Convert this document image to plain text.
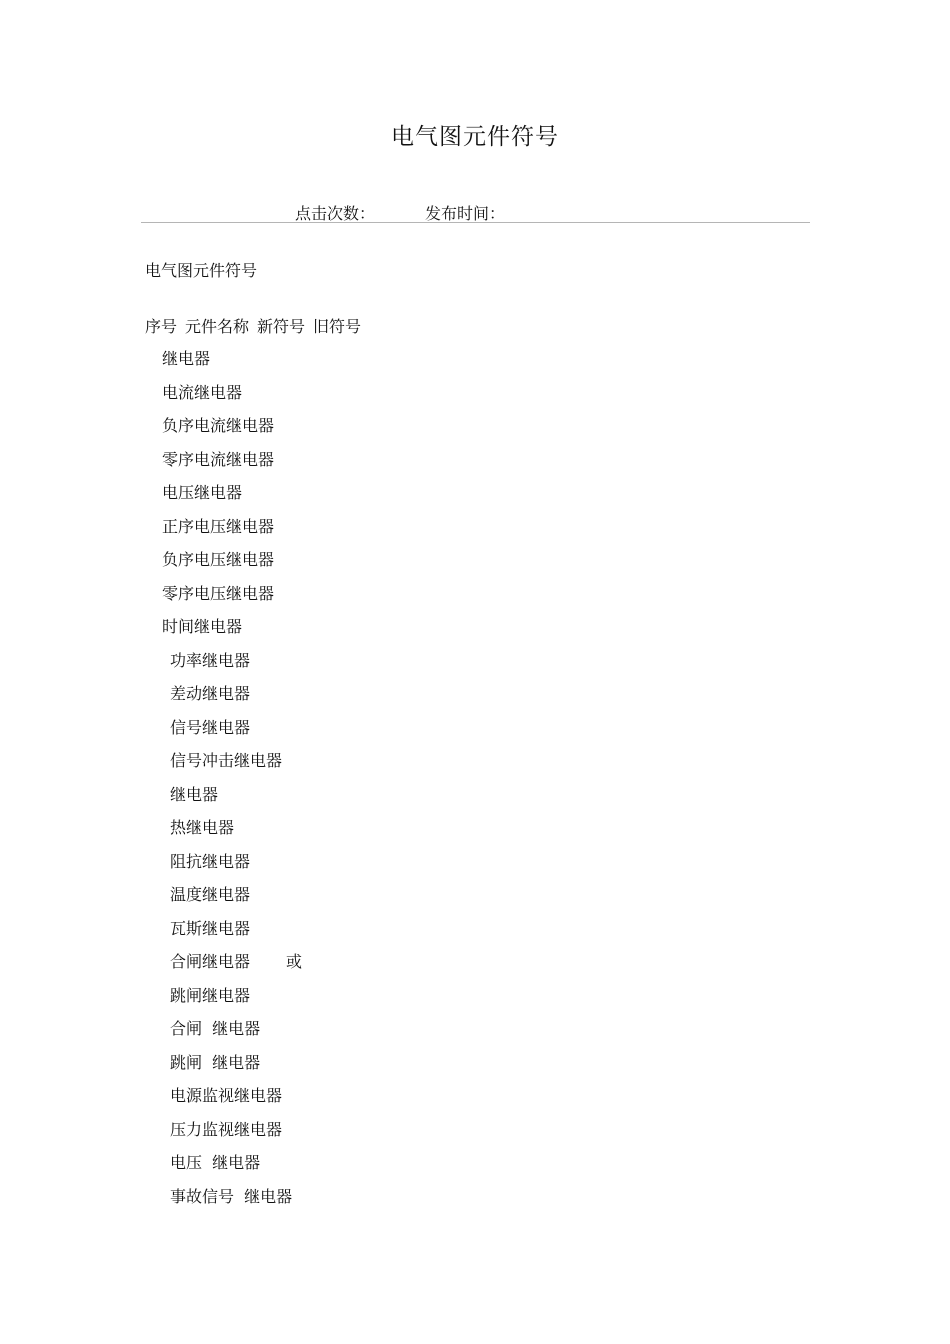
电气图元件符号
点击次数：	发布时间：
电气图元件符号
序号 元件名称 新符号 旧符号
继电器
电流继电器
负序电流继电器
零序电流继电器
电压继电器
正序电压继电器
负序电压继电器
零序电压继电器
时间继电器
功率继电器
差动继电器
信号继电器
信号冲击继电器
继电器
热继电器
阻抗继电器
温度继电器
瓦斯继电器
合闸继电器 或
跳闸继电器
合闸  继电器
跳闸  继电器
电源监视继电器
压力监视继电器
电压  继电器
事故信号  继电器
